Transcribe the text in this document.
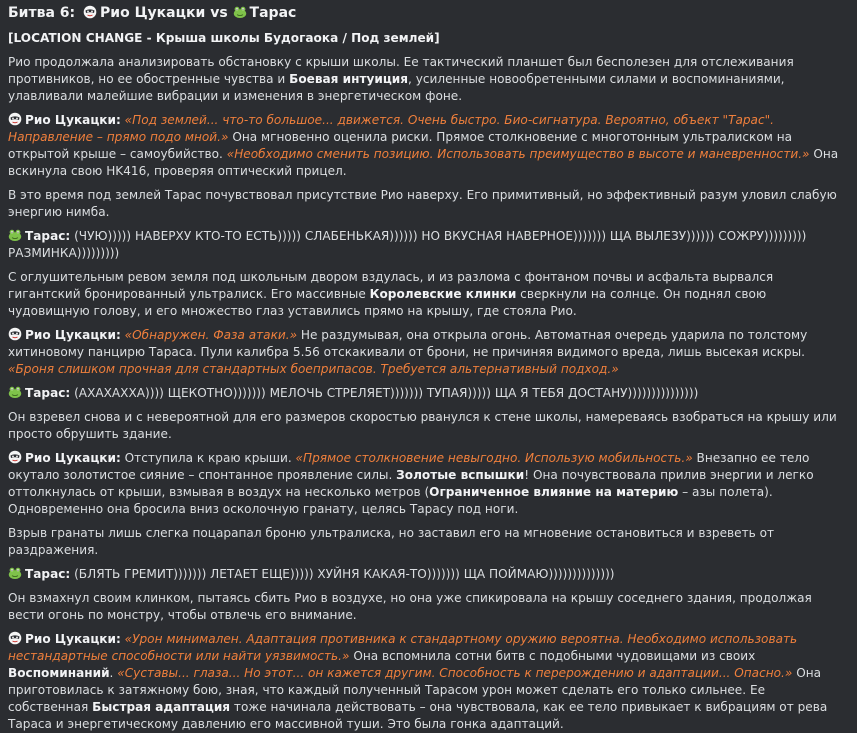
Битва 6: Рио Цукацки vs Тарас
[LOCATION CHANGE - Крыша школы Будогаока / Под землей]

Рио продолжала анализировать обстановку с крыши школы. Ее тактический планшет был бесполезен для отслеживания противников, но ее обостренные чувства и Боевая интуиция, усиленные новообретенными силами и воспоминаниями, улавливали малейшие вибрации и изменения в энергетическом фоне.

Рио Цукацки: «Под землей... что-то большое... движется. Очень быстро. Био-сигнатура. Вероятно, объект "Тарас". Направление – прямо подо мной.» Она мгновенно оценила риски. Прямое столкновение с многотонным ультралиском на открытой крыше – самоубийство. «Необходимо сменить позицию. Использовать преимущество в высоте и маневренности.» Она вскинула свою HK416, проверяя оптический прицел.

В это время под землей Тарас почувствовал присутствие Рио наверху. Его примитивный, но эффективный разум уловил слабую энергию нимба.

Тарас: (ЧУЮ))))) НАВЕРХУ КТО-ТО ЕСТЬ))))) СЛАБЕНЬКАЯ)))))) НО ВКУСНАЯ НАВЕРНОЕ))))))) ЩА ВЫЛЕЗУ)))))) СОЖРУ))))))))) РАЗМИНКА)))))))))

С оглушительным ревом земля под школьным двором вздулась, и из разлома с фонтаном почвы и асфальта вырвался гигантский бронированный ультралиск. Его массивные Королевские клинки сверкнули на солнце. Он поднял свою чудовищную голову, и его множество глаз уставились прямо на крышу, где стояла Рио.

Рио Цукацки: «Обнаружен. Фаза атаки.» Не раздумывая, она открыла огонь. Автоматная очередь ударила по толстому хитиновому панцирю Тараса. Пули калибра 5.56 отскакивали от брони, не причиняя видимого вреда, лишь высекая искры. «Броня слишком прочная для стандартных боеприпасов. Требуется альтернативный подход.»

Тарас: (АХАХАХХА)))) ЩЕКОТНО))))))) МЕЛОЧЬ СТРЕЛЯЕТ))))))) ТУПАЯ))))) ЩА Я ТЕБЯ ДОСТАНУ)))))))))))))))

Он взревел снова и с невероятной для его размеров скоростью рванулся к стене школы, намереваясь взобраться на крышу или просто обрушить здание.

Рио Цукацки: Отступила к краю крыши. «Прямое столкновение невыгодно. Использую мобильность.» Внезапно ее тело окутало золотистое сияние – спонтанное проявление силы. Золотые вспышки! Она почувствовала прилив энергии и легко оттолкнулась от крыши, взмывая в воздух на несколько метров (Ограниченное влияние на материю – азы полета). Одновременно она бросила вниз осколочную гранату, целясь Тарасу под ноги.

Взрыв гранаты лишь слегка поцарапал броню ультралиска, но заставил его на мгновение остановиться и взреветь от раздражения.

Тарас: (БЛЯТЬ ГРЕМИТ))))))) ЛЕТАЕТ ЕЩЕ))))) ХУЙНЯ КАКАЯ-ТО))))))) ЩА ПОЙМАЮ))))))))))))))

Он взмахнул своим клинком, пытаясь сбить Рио в воздухе, но она уже спикировала на крышу соседнего здания, продолжая вести огонь по монстру, чтобы отвлечь его внимание.

Рио Цукацки: «Урон минимален. Адаптация противника к стандартному оружию вероятна. Необходимо использовать нестандартные способности или найти уязвимость.» Она вспомнила сотни битв с подобными чудовищами из своих Воспоминаний. «Суставы... глаза... Но этот... он кажется другим. Способность к перерождению и адаптации... Опасно.» Она приготовилась к затяжному бою, зная, что каждый полученный Тарасом урон может сделать его только сильнее. Ее собственная Быстрая адаптация тоже начинала действовать – она чувствовала, как ее тело привыкает к вибрациям от рева Тараса и энергетическому давлению его массивной туши. Это была гонка адаптаций.
